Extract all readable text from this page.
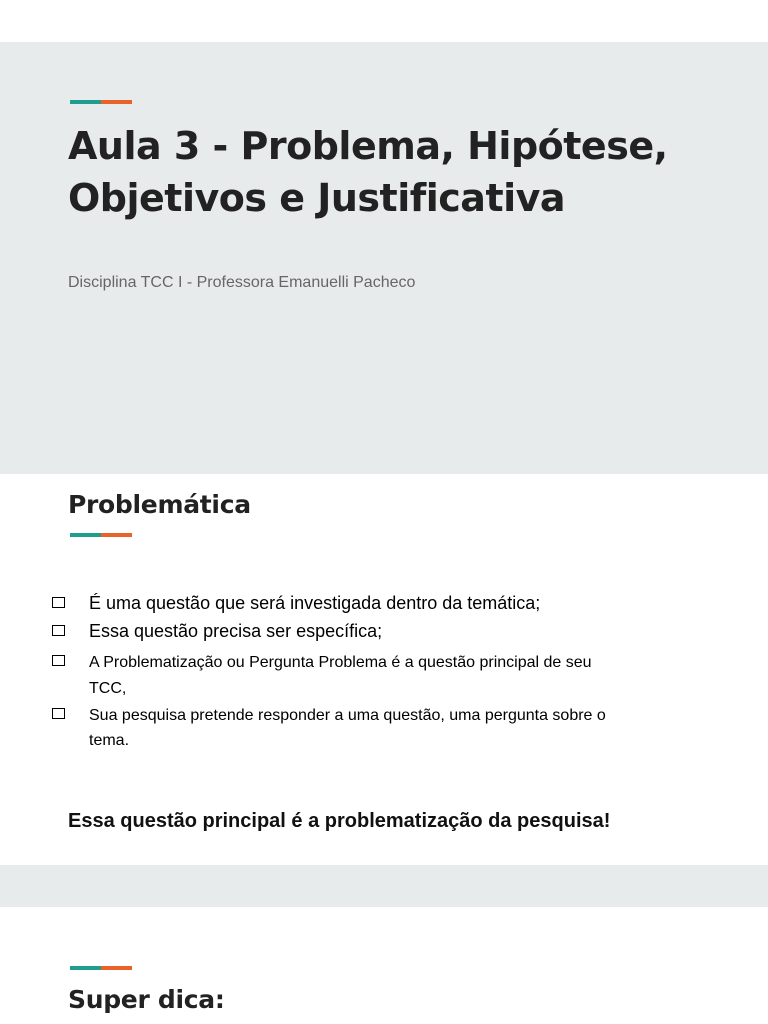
Aula 3 - Problema, Hipótese,
Objetivos e Justificativa
Disciplina TCC I - Professora Emanuelli Pacheco
Problemática
É uma questão que será investigada dentro da temática;
Essa questão precisa ser específica;
A Problematização ou Pergunta Problema é a questão principal de seu
TCC,
Sua pesquisa pretende responder a uma questão, uma pergunta sobre o
tema.
Essa questão principal é a problematização da pesquisa!
Super dica:
